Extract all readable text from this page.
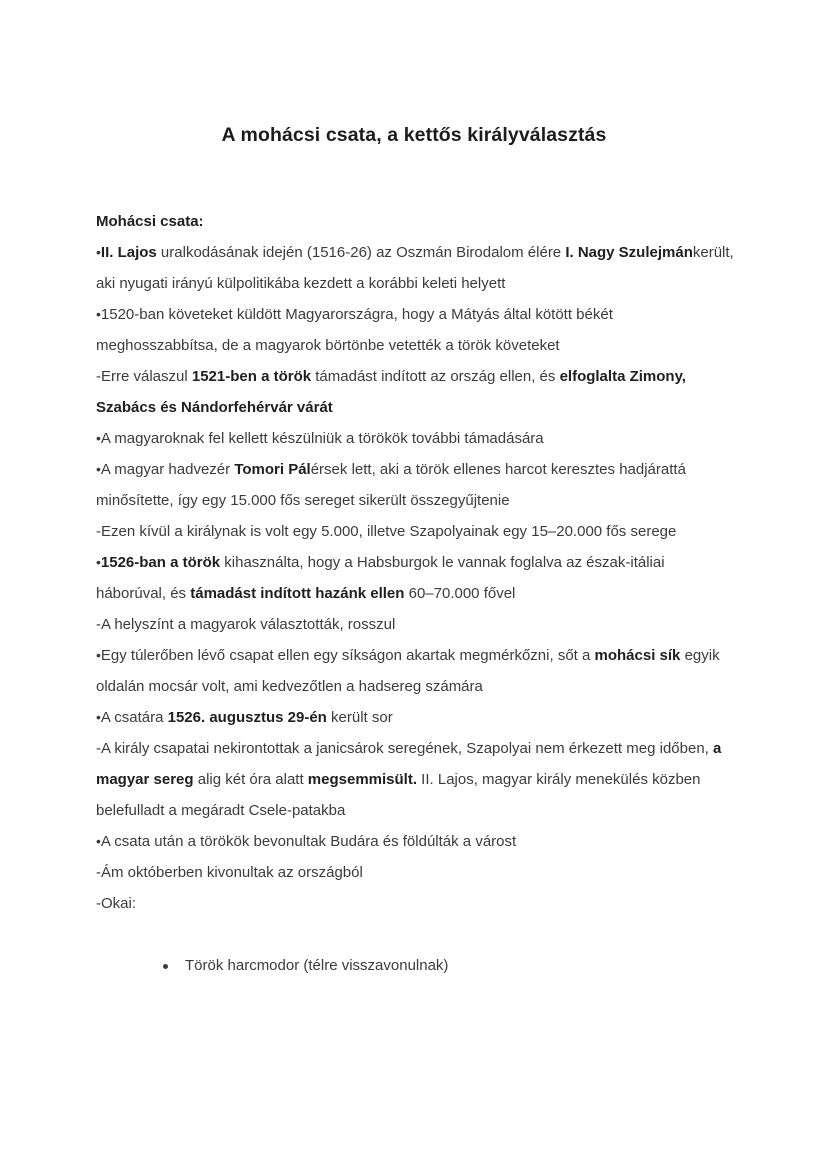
A mohácsi csata, a kettős királyválasztás

Mohácsi csata:

•II. Lajos uralkodásának idején (1516-26) az Oszmán Birodalom élére I. Nagy Szulejmánkerült, aki nyugati irányú külpolitikába kezdett a korábbi keleti helyett

•1520-ban követeket küldött Magyarországra, hogy a Mátyás által kötött békét meghosszabbítsa, de a magyarok börtönbe vetették a török követeket

-Erre válaszul 1521-ben a török támadást indított az ország ellen, és elfoglalta Zimony, Szabács és Nándorfehérvár várát

•A magyaroknak fel kellett készülniük a törökök további támadására

•A magyar hadvezér Tomori Pálérsek lett, aki a török ellenes harcot keresztes hadjárattá minősítette, így egy 15.000 fős sereget sikerült összegyűjtenie

-Ezen kívül a királynak is volt egy 5.000, illetve Szapolyainak egy 15–20.000 fős serege

•1526-ban a török kihasználta, hogy a Habsburgok le vannak foglalva az észak-itáliai háborúval, és támadást indított hazánk ellen 60–70.000 fővel

-A helyszínt a magyarok választották, rosszul

•Egy túlerőben lévő csapat ellen egy síkságon akartak megmérkőzni, sőt a mohácsi sík egyik oldalán mocsár volt, ami kedvezőtlen a hadsereg számára

•A csatára 1526. augusztus 29-én került sor

-A király csapatai nekirontottak a janicsárok seregének, Szapolyai nem érkezett meg időben, a magyar sereg alig két óra alatt megsemmisült. II. Lajos, magyar király menekülés közben belefulladt a megáradt Csele-patakba

•A csata után a törökök bevonultak Budára és földúlták a várost

-Ám októberben kivonultak az országból

-Okai:

Török harcmodor (télre visszavonulnak)
